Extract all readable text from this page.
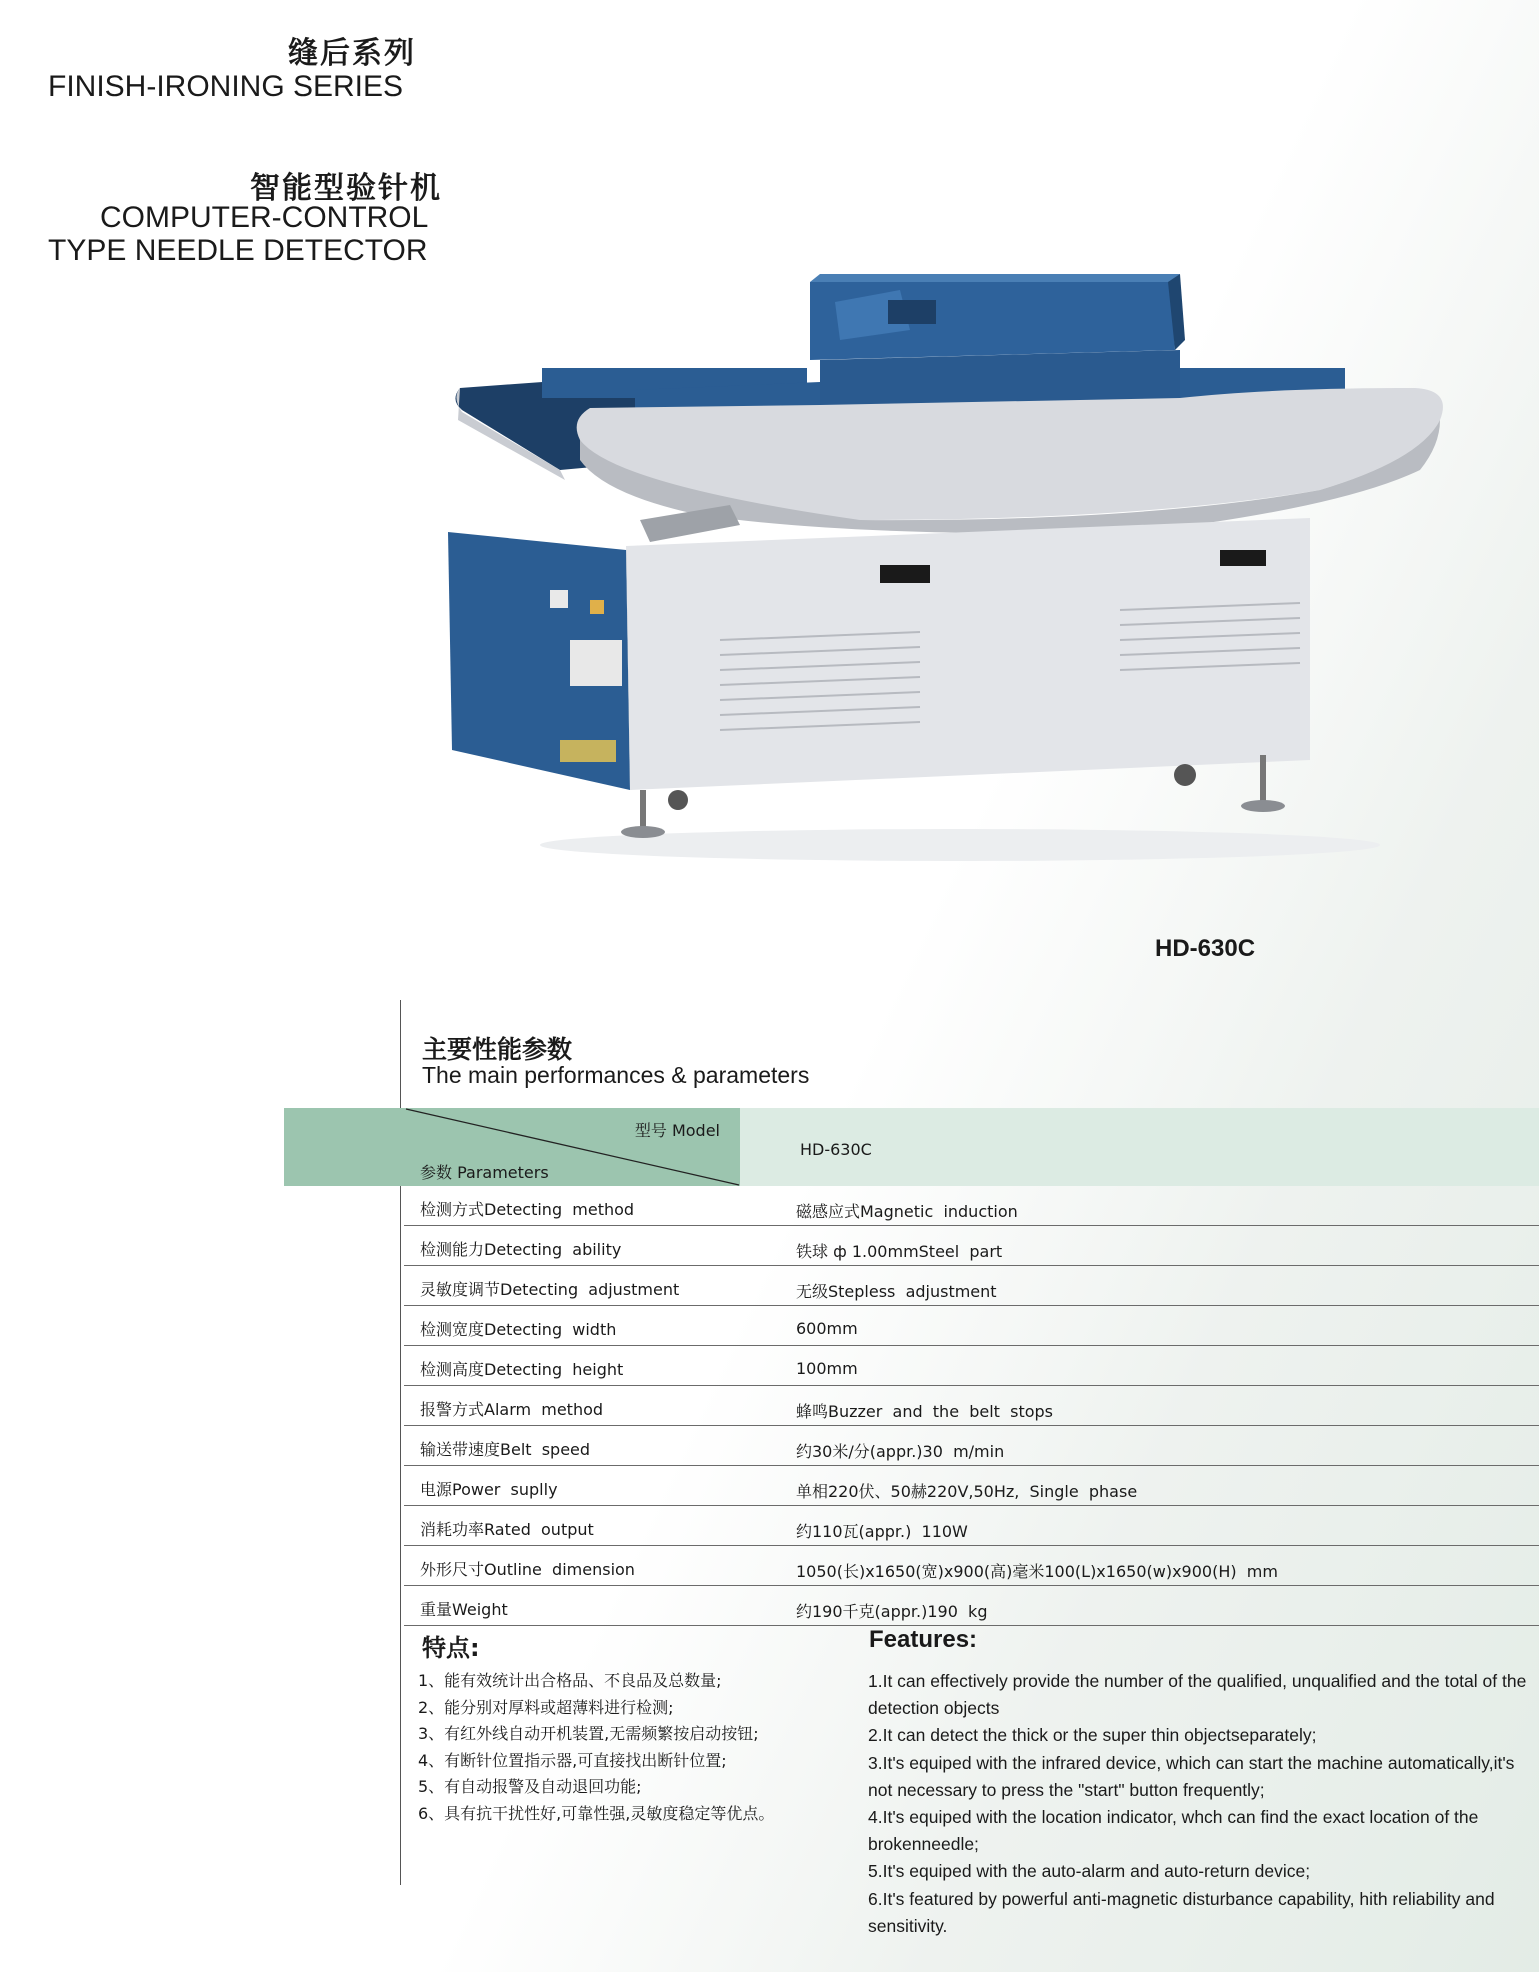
缝后系列
FINISH-IRONING SERIES
智能型验针机
COMPUTER-CONTROL
TYPE NEEDLE DETECTOR
HD-630C
主要性能参数
The main performances & parameters
型号 Model
参数 Parameters
HD-630C
检测方式Detecting  method	磁感应式Magnetic  induction
检测能力Detecting  ability	铁球 ф 1.00mmSteel  part
灵敏度调节Detecting  adjustment	无级Stepless  adjustment
检测宽度Detecting  width	600mm
检测高度Detecting  height	100mm
报警方式Alarm  method	蜂鸣Buzzer  and  the  belt  stops
输送带速度Belt  speed	约30米/分(appr.)30  m/min
电源Power  suplly	单相220伏、50赫220V,50Hz,  Single  phase
消耗功率Rated  output	约110瓦(appr.)  110W
外形尺寸Outline  dimension	1050(长)x1650(宽)x900(高)毫米100(L)x1650(w)x900(H)  mm
重量Weight	约190千克(appr.)190  kg
特点:
1、能有效统计出合格品、不良品及总数量;
2、能分别对厚料或超薄料进行检测;
3、有红外线自动开机装置,无需频繁按启动按钮;
4、有断针位置指示器,可直接找出断针位置;
5、有自动报警及自动退回功能;
6、具有抗干扰性好,可靠性强,灵敏度稳定等优点。
Features:
1.It can effectively provide the number of the qualified, unqualified and the total of the detection objects
2.It can detect the thick or the super thin objectseparately;
3.It's equiped with the infrared device, which can start the machine automatically,it's not necessary to press the "start" button frequently;
4.It's equiped with the location indicator, whch can find the exact location of the brokenneedle;
5.It's equiped with the auto-alarm and auto-return device;
6.It's featured by powerful anti-magnetic disturbance capability, hith reliability and sensitivity.
